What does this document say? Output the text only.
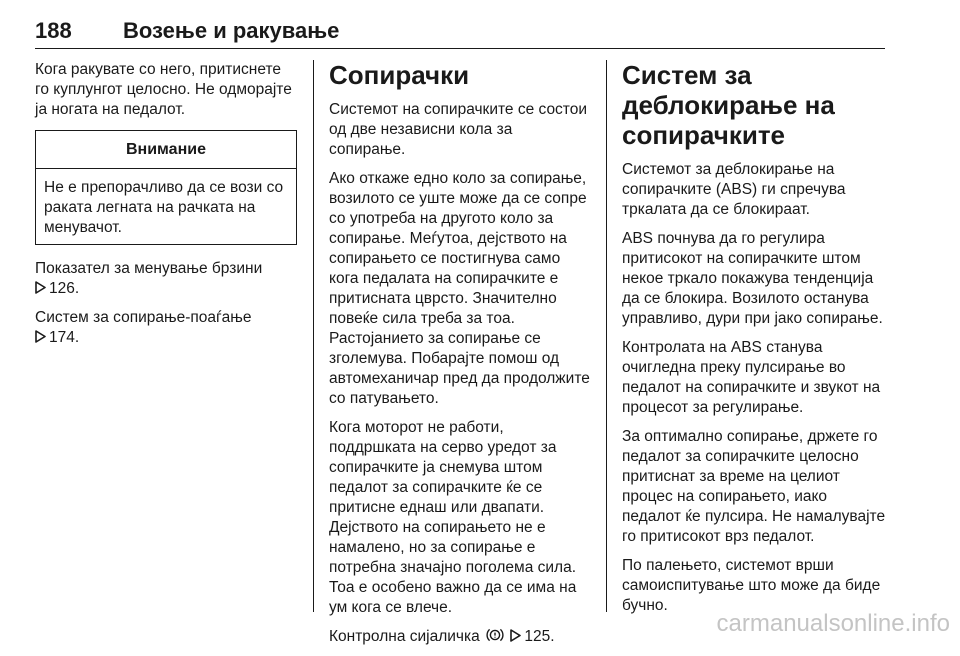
188 Возење и ракување

Кога ракувате со него, притиснете го куплунгот целосно. Не одморајте ја ногата на педалот.

Внимание
Не е препорачливо да се вози со раката легната на рачката на менувачот.

Показател за менување брзини
126.

Систем за сопирање-поаѓање
174.

Сопирачки

Системот на сопирачките се состои од две независни кола за сопирање.

Ако откаже едно коло за сопирање, возилото се уште може да се сопре со употреба на другото коло за сопирање. Меѓутоа, дејството на сопирањето се постигнува само кога педалата на сопирачките е притисната цврсто. Значително повеќе сила треба за тоа. Растојанието за сопирање се зголемува. Побарајте помош од автомеханичар пред да продолжите со патувањето.

Кога моторот не работи, поддршката на серво уредот за сопирачките ја снемува штом педалот за сопирачките ќе се притисне еднаш или двапати. Дејството на сопирањето не е намалено, но за сопирање е потребна значајно поголема сила. Тоа е особено важно да се има на ум кога се влече.

Контролна сијаличка	125.

Систем за деблокирање на сопирачките

Системот за деблокирање на сопирачките (ABS) ги спречува тркалата да се блокираат.

ABS почнува да го регулира притисокот на сопирачките штом некое тркало покажува тенденција да се блокира. Возилото останува управливо, дури при јако сопирање.

Контролата на ABS станува очигледна преку пулсирање во педалот на сопирачките и звукот на процесот за регулирање.

За оптимално сопирање, држете го педалот за сопирачките целосно притиснат за време на целиот процес на сопирањето, иако педалот ќе пулсира. Не намалувајте го притисокот врз педалот.

По палењето, системот врши самоиспитување што може да биде бучно.

carmanualsonline.info
